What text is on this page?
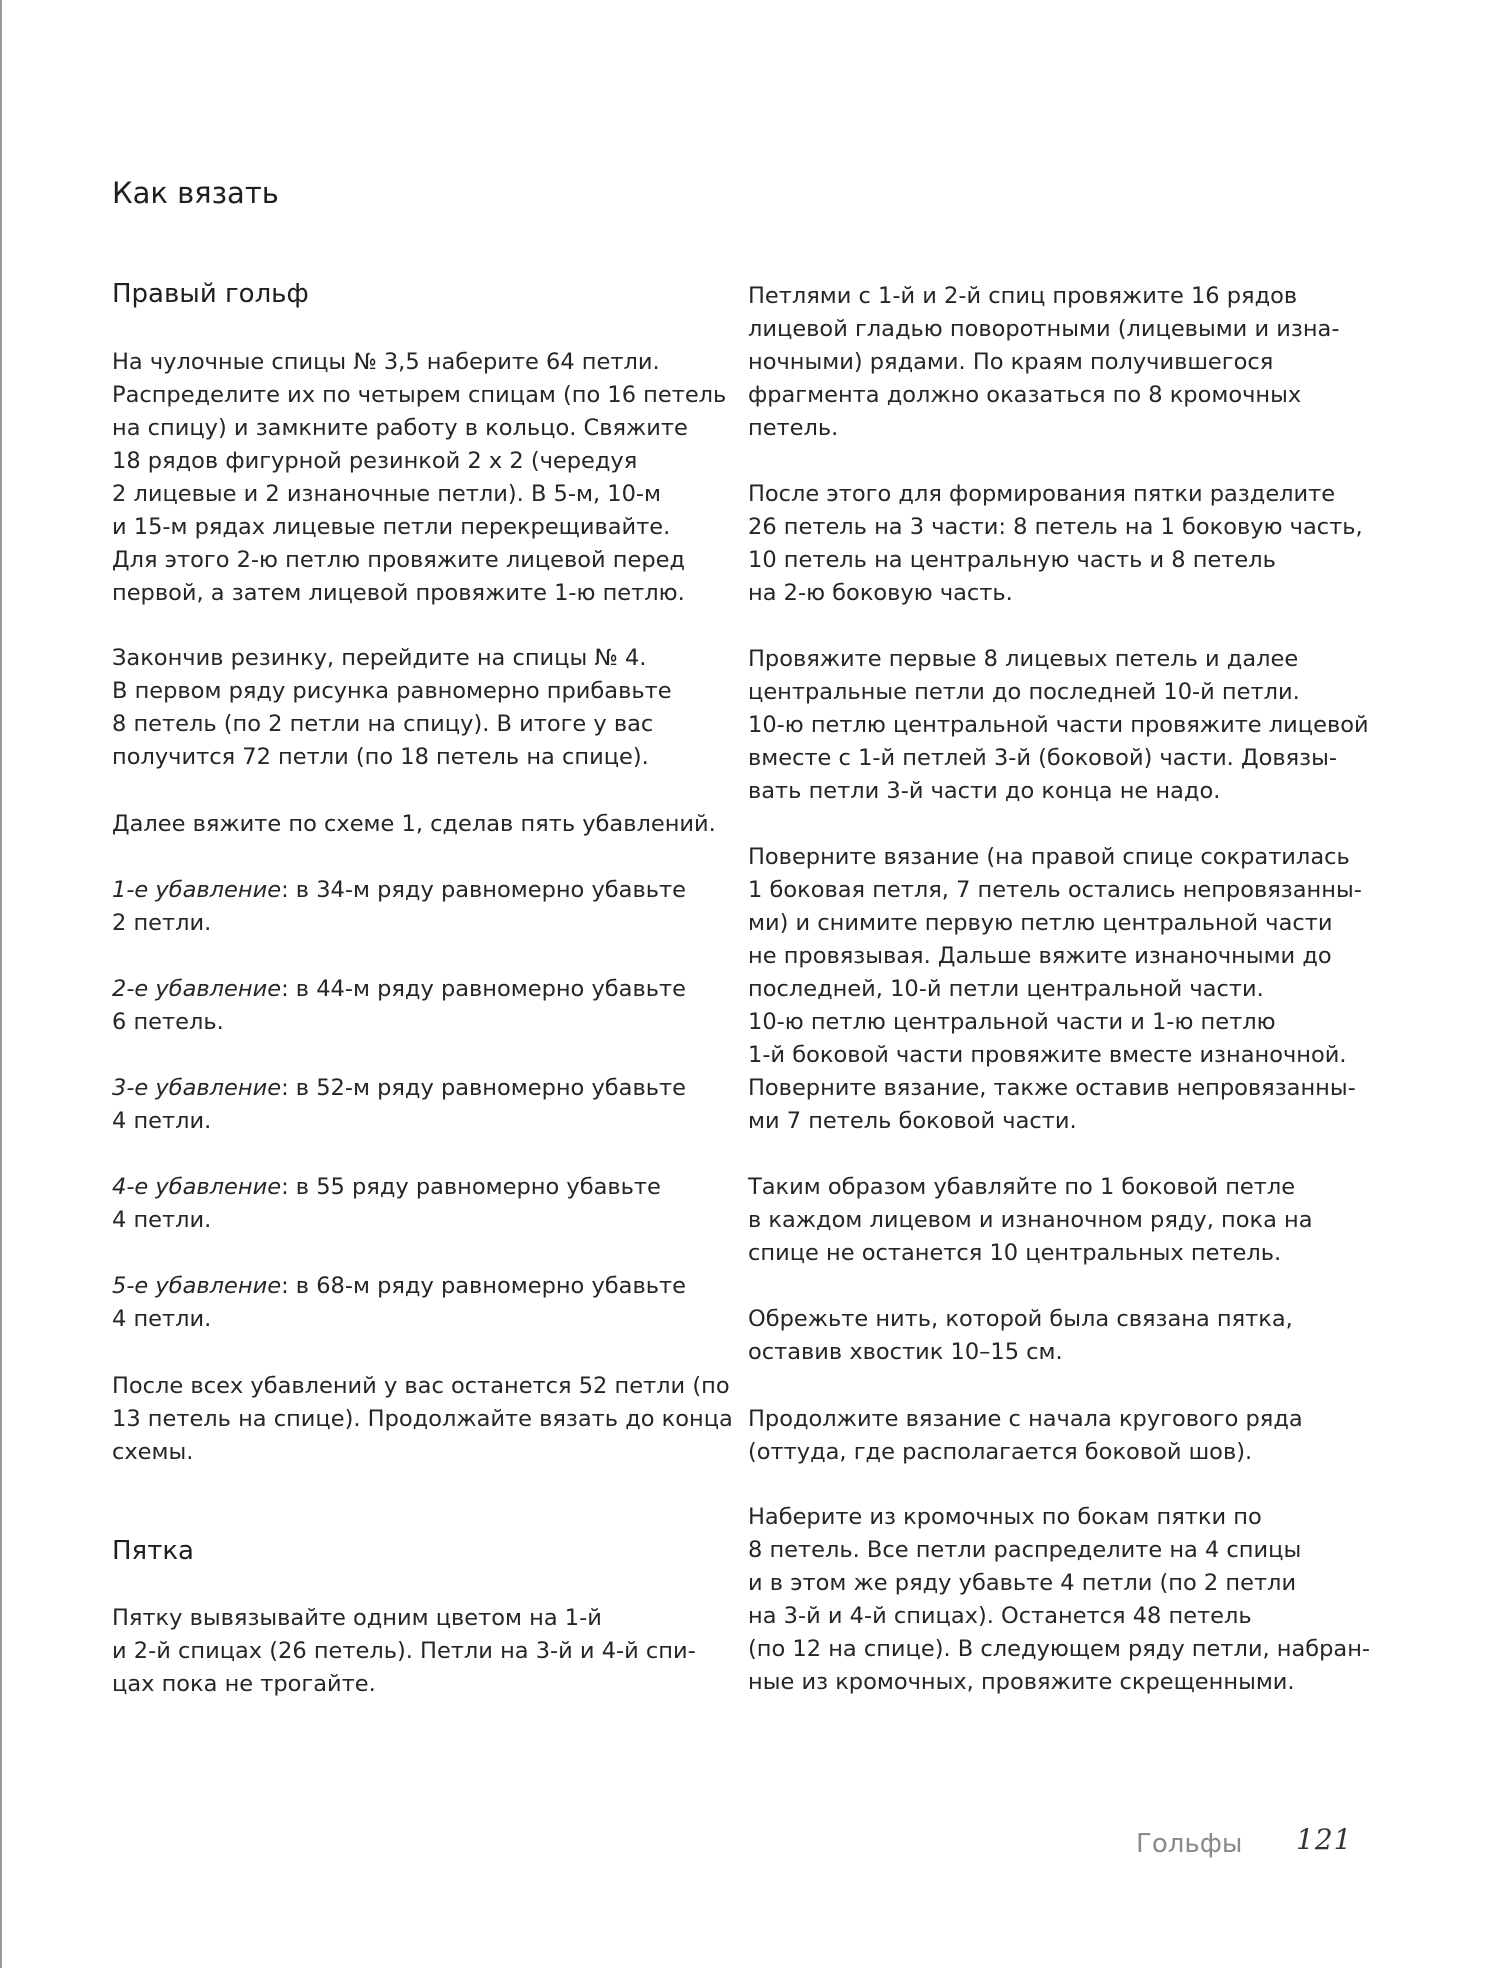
Как вязать
Правый гольф

На чулочные спицы № 3,5 наберите 64 петли.
Распределите их по четырем спицам (по 16 петель
на спицу) и замкните работу в кольцо. Свяжите
18 рядов фигурной резинкой 2 х 2 (чередуя
2 лицевые и 2 изнаночные петли). В 5-м, 10-м
и 15-м рядах лицевые петли перекрещивайте.
Для этого 2-ю петлю провяжите лицевой перед
первой, а затем лицевой провяжите 1-ю петлю.

Закончив резинку, перейдите на спицы № 4.
В первом ряду рисунка равномерно прибавьте
8 петель (по 2 петли на спицу). В итоге у вас
получится 72 петли (по 18 петель на спице).

Далее вяжите по схеме 1, сделав пять убавлений.

1-е убавление: в 34-м ряду равномерно убавьте
2 петли.

2-е убавление: в 44-м ряду равномерно убавьте
6 петель.

3-е убавление: в 52-м ряду равномерно убавьте
4 петли.

4-е убавление: в 55 ряду равномерно убавьте
4 петли.

5-е убавление: в 68-м ряду равномерно убавьте
4 петли.

После всех убавлений у вас останется 52 петли (по
13 петель на спице). Продолжайте вязать до конца
схемы.

Пятка

Пятку вывязывайте одним цветом на 1-й
и 2-й спицах (26 петель). Петли на 3-й и 4-й спи-
цах пока не трогайте.

Петлями с 1-й и 2-й спиц провяжите 16 рядов
лицевой гладью поворотными (лицевыми и изна-
ночными) рядами. По краям получившегося
фрагмента должно оказаться по 8 кромочных
петель.

После этого для формирования пятки разделите
26 петель на 3 части: 8 петель на 1 боковую часть,
10 петель на центральную часть и 8 петель
на 2-ю боковую часть.

Провяжите первые 8 лицевых петель и далее
центральные петли до последней 10-й петли.
10-ю петлю центральной части провяжите лицевой
вместе с 1-й петлей 3-й (боковой) части. Довязы-
вать петли 3-й части до конца не надо.

Поверните вязание (на правой спице сократилась
1 боковая петля, 7 петель остались непровязанны-
ми) и снимите первую петлю центральной части
не провязывая. Дальше вяжите изнаночными до
последней, 10-й петли центральной части.
10-ю петлю центральной части и 1-ю петлю
1-й боковой части провяжите вместе изнаночной.
Поверните вязание, также оставив непровязанны-
ми 7 петель боковой части.

Таким образом убавляйте по 1 боковой петле
в каждом лицевом и изнаночном ряду, пока на
спице не останется 10 центральных петель.

Обрежьте нить, которой была связана пятка,
оставив хвостик 10–15 см.

Продолжите вязание с начала кругового ряда
(оттуда, где располагается боковой шов).

Наберите из кромочных по бокам пятки по
8 петель. Все петли распределите на 4 спицы
и в этом же ряду убавьте 4 петли (по 2 петли
на 3-й и 4-й спицах). Останется 48 петель
(по 12 на спице). В следующем ряду петли, набран-
ные из кромочных, провяжите скрещенными.

Гольфы 121
